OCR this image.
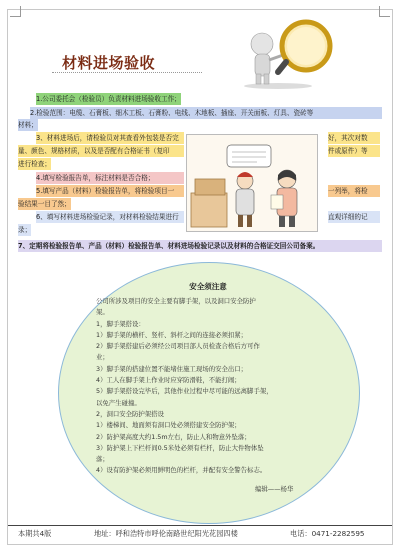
材料进场验收
1.公司委托会（检验员）负责材料进场验收工作；
2.检验范围：电缆、石膏板、细木工板、石膏粉、电线、木地板、插座、开关面板、灯具、瓷砖等
材料；
3、材料进场后，请检验员对其查看外包装是否完	好，其次对数
量、颜色、规格材质，以及是否配有合格证书（复印	件或原件）等
进行检查；
4.填写检验报告单，标注材料是否合格；
5.填写产品（材料）检验报告单，将检验项目一	一列举，将检
验结果一目了然；
6、填写材料进场检验记录，对材料检验结果进行	直观详细的记
录；
7、定期将检验报告单、产品（材料）检验报告单、材料进场检验记录以及材料的合格证交回公司备案。
安全须注意
公司所涉及项目的安全主要有脚手架，以及洞口安全防护
架。
1，脚手架搭设：
1）脚手架的横杆、竖杆、斜杆之间的连接必须扣紧；
2）脚手架搭建后必须经公司项目部人员检查合格后方可作
业；
3）脚手架的搭建位置不能堵住施工现场的安全出口；
4）工人在脚手架上作业时应穿防滑鞋，不能打闹；
5）脚手架搭设完毕后，其他作业过程中尽可能的远离脚手架，
以免产生碰撞。
2，洞口安全防护架搭设
1）楼梯间、地面须有洞口处必须搭建安全防护架；
2）防护架高度大约1.5m左右，防止人和物意外坠落；
3）防护架上下栏杆间0.5米处必须有栏杆，防止大件物体坠
落；
4）设有防护架必须用鲜明色的栏杆，并配有安全警告标志。
编辑——杨华
本期共4版	地址：呼和浩特市呼伦南路世纪阳光花园四楼	电话：0471-2282595
